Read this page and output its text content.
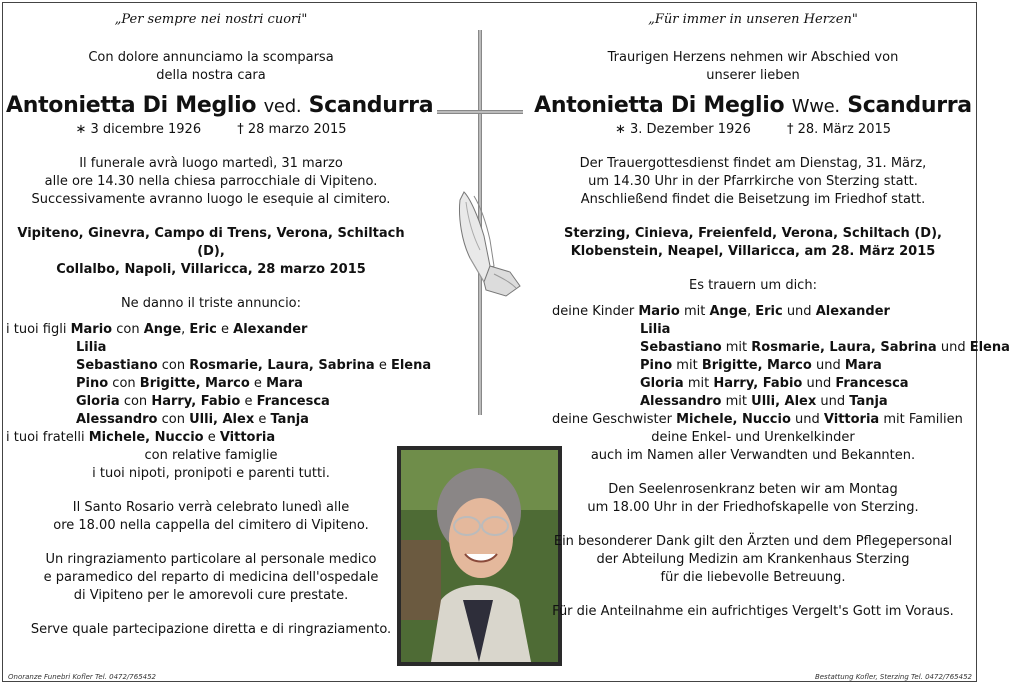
„Per sempre nei nostri cuori"

Con dolore annunciamo la scomparsa

della nostra cara

Antonietta Di Meglio ved. Scandurra

∗ 3 dicembre 1926	† 28 marzo 2015

Il funerale avrà luogo martedì, 31 marzo

alle ore 14.30 nella chiesa parrocchiale di Vipiteno.

Successivamente avranno luogo le esequie al cimitero.

Vipiteno, Ginevra, Campo di Trens, Verona, Schiltach (D),

Collalbo, Napoli, Villaricca, 28 marzo 2015

Ne danno il triste annuncio:

i tuoi figli Mario con Ange, Eric e Alexander
Lilia
Sebastiano con Rosmarie, Laura, Sabrina e Elena
Pino con Brigitte, Marco e Mara
Gloria con Harry, Fabio e Francesca
Alessandro con Ulli, Alex e Tanja
i tuoi fratelli Michele, Nuccio e Vittoria
con relative famiglie
i tuoi nipoti, pronipoti e parenti tutti.

Il Santo Rosario verrà celebrato lunedì alle

ore 18.00 nella cappella del cimitero di Vipiteno.

Un ringraziamento particolare al personale medico

e paramedico del reparto di medicina dell'ospedale

di Vipiteno per le amorevoli cure prestate.

Serve quale partecipazione diretta e di ringraziamento.

Onoranze Funebri Kofler Tel. 0472/765452

„Für immer in unseren Herzen"

Traurigen Herzens nehmen wir Abschied von

unserer lieben

Antonietta Di Meglio Wwe. Scandurra

∗ 3. Dezember 1926	† 28. März 2015

Der Trauergottesdienst findet am Dienstag, 31. März,

um 14.30 Uhr in der Pfarrkirche von Sterzing statt.

Anschließend findet die Beisetzung im Friedhof statt.

Sterzing, Cinieva, Freienfeld, Verona, Schiltach (D),

Klobenstein, Neapel, Villaricca, am 28. März 2015

Es trauern um dich:

deine Kinder Mario mit Ange, Eric und Alexander
Lilia
Sebastiano mit Rosmarie, Laura, Sabrina und Elena
Pino mit Brigitte, Marco und Mara
Gloria mit Harry, Fabio und Francesca
Alessandro mit Ulli, Alex und Tanja
deine Geschwister Michele, Nuccio und Vittoria mit Familien
deine Enkel- und Urenkelkinder
auch im Namen aller Verwandten und Bekannten.

Den Seelenrosenkranz beten wir am Montag

um 18.00 Uhr in der Friedhofskapelle von Sterzing.

Ein besonderer Dank gilt den Ärzten und dem Pflegepersonal

der Abteilung Medizin am Krankenhaus Sterzing

für die liebevolle Betreuung.

Für die Anteilnahme ein aufrichtiges Vergelt's Gott im Voraus.

Bestattung Kofler, Sterzing Tel. 0472/765452
